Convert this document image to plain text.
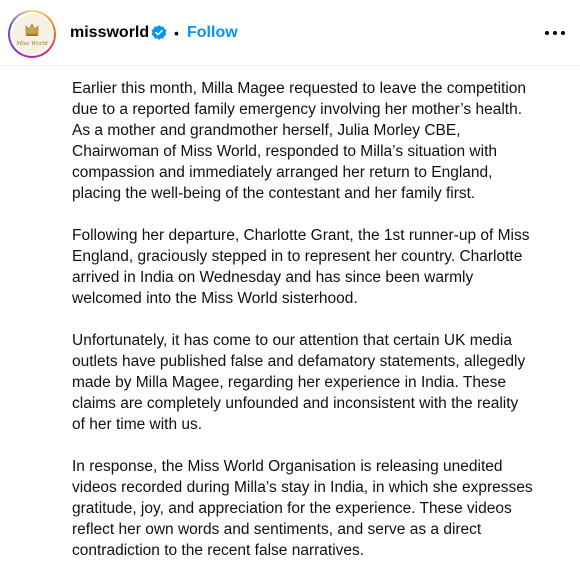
Miss World
missworld • Follow

Earlier this month, Milla Magee requested to leave the competition
due to a reported family emergency involving her mother’s health.
As a mother and grandmother herself, Julia Morley CBE,
Chairwoman of Miss World, responded to Milla’s situation with
compassion and immediately arranged her return to England,
placing the well-being of the contestant and her family first.

Following her departure, Charlotte Grant, the 1st runner-up of Miss
England, graciously stepped in to represent her country. Charlotte
arrived in India on Wednesday and has since been warmly
welcomed into the Miss World sisterhood.

Unfortunately, it has come to our attention that certain UK media
outlets have published false and defamatory statements, allegedly
made by Milla Magee, regarding her experience in India. These
claims are completely unfounded and inconsistent with the reality
of her time with us.

In response, the Miss World Organisation is releasing unedited
videos recorded during Milla’s stay in India, in which she expresses
gratitude, joy, and appreciation for the experience. These videos
reflect her own words and sentiments, and serve as a direct
contradiction to the recent false narratives.
